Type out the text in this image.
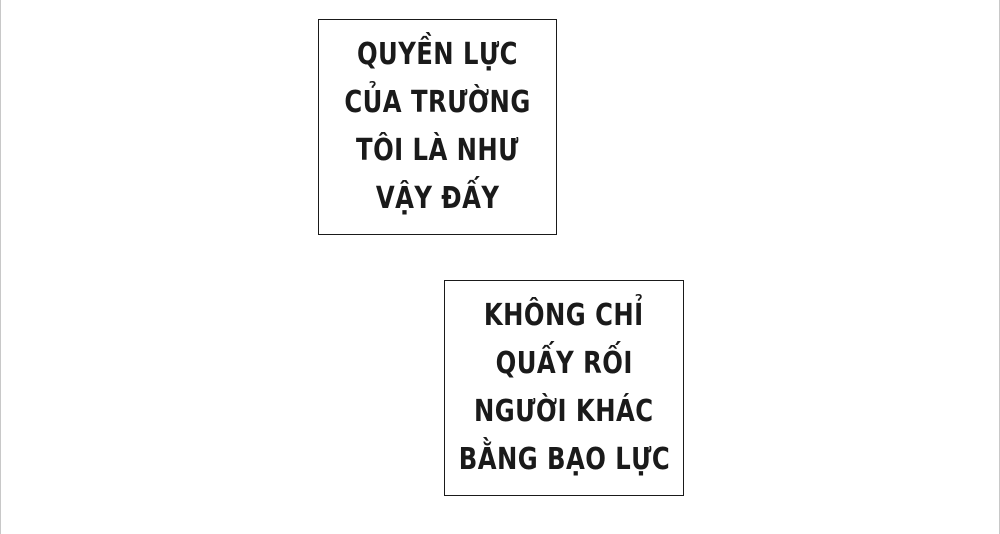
QUYỀN LỰC
CỦA TRƯỜNG
TÔI LÀ NHƯ
VẬY ĐẤY
KHÔNG CHỈ
QUẤY RỐI
NGƯỜI KHÁC
BẰNG BẠO LỰC
